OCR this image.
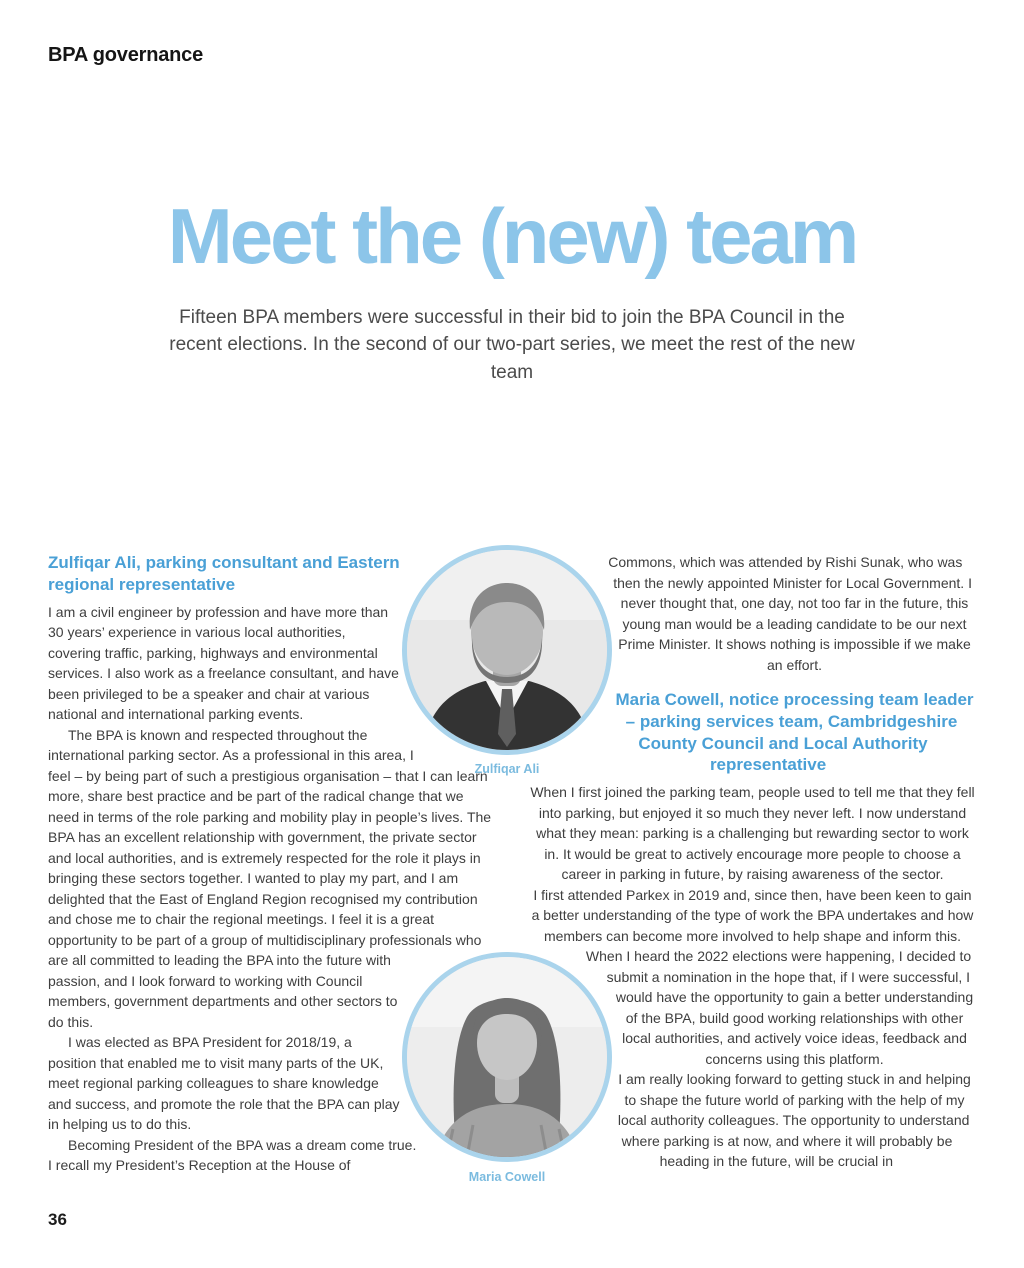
BPA governance
Meet the (new) team

Fifteen BPA members were successful in their bid to join the BPA Council in the recent elections. In the second of our two-part series, we meet the rest of the new team

Zulfiqar Ali, parking consultant and Eastern regional representative

I am a civil engineer by profession and have more than 30 years’ experience in various local authorities, covering traffic, parking, highways and environmental services. I also work as a freelance consultant, and have been privileged to be a speaker and chair at various national and international parking events.

The BPA is known and respected throughout the international parking sector. As a professional in this area, I feel – by being part of such a prestigious organisation – that I can learn more, share best practice and be part of the radical change that we need in terms of the role parking and mobility play in people’s lives. The BPA has an excellent relationship with government, the private sector and local authorities, and is extremely respected for the role it plays in bringing these sectors together. I wanted to play my part, and I am delighted that the East of England Region recognised my contribution and chose me to chair the regional meetings. I feel it is a great opportunity to be part of a group of multidisciplinary professionals who are all committed to leading the BPA into the future with passion, and I look forward to working with Council members, government departments and other sectors to do this.

I was elected as BPA President for 2018/19, a position that enabled me to visit many parts of the UK, meet regional parking colleagues to share knowledge and success, and promote the role that the BPA can play in helping us to do this.

Becoming President of the BPA was a dream come true. I recall my President’s Reception at the House of

Commons, which was attended by Rishi Sunak, who was then the newly appointed Minister for Local Government. I never thought that, one day, not too far in the future, this young man would be a leading candidate to be our next Prime Minister. It shows nothing is impossible if we make an effort.

Maria Cowell, notice processing team leader – parking services team, Cambridgeshire County Council and Local Authority representative

When I first joined the parking team, people used to tell me that they fell into parking, but enjoyed it so much they never left. I now understand what they mean: parking is a challenging but rewarding sector to work in. It would be great to actively encourage more people to choose a career in parking in future, by raising awareness of the sector.

I first attended Parkex in 2019 and, since then, have been keen to gain a better understanding of the type of work the BPA undertakes and how members can become more involved to help shape and inform this. When I heard the 2022 elections were happening, I decided to submit a nomination in the hope that, if I were successful, I would have the opportunity to gain a better understanding of the BPA, build good working relationships with other local authorities, and actively voice ideas, feedback and concerns using this platform.

I am really looking forward to getting stuck in and helping to shape the future world of parking with the help of my local authority colleagues. The opportunity to understand where parking is at now, and where it will probably be heading in the future, will be crucial in

Zulfiqar Ali
Maria Cowell
36
